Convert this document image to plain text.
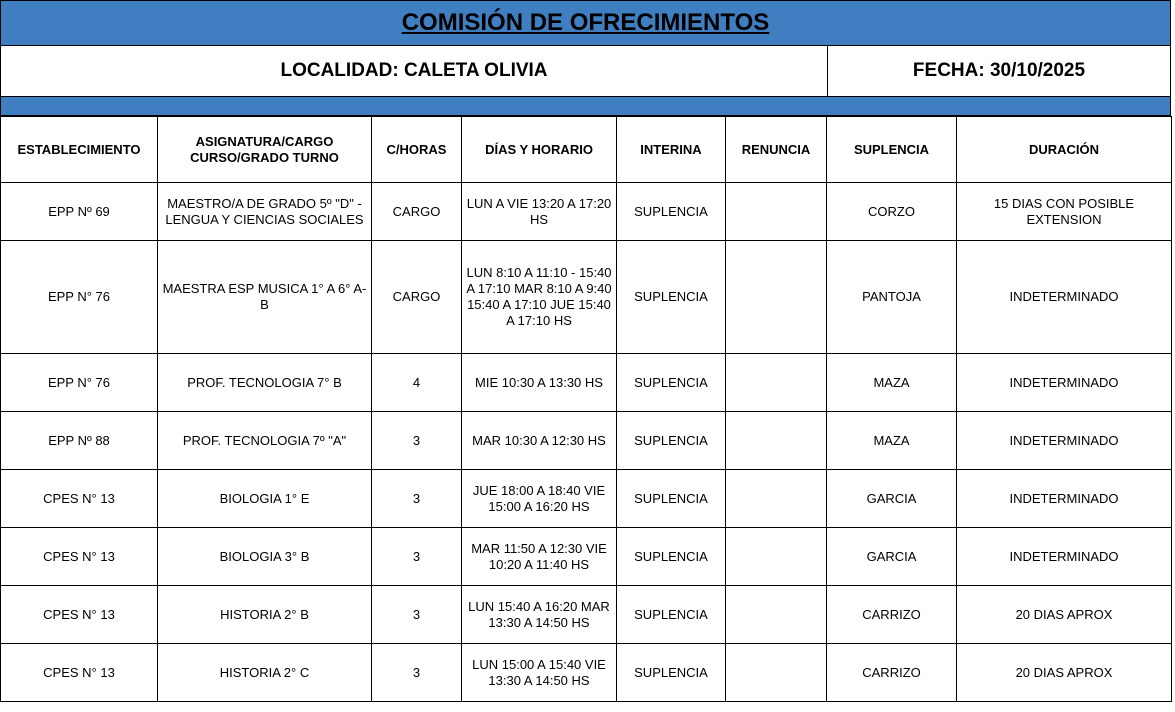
COMISIÓN DE OFRECIMIENTOS
LOCALIDAD: CALETA OLIVIA	FECHA: 30/10/2025
ESTABLECIMIENTO	ASIGNATURA/CARGO
CURSO/GRADO TURNO	C/HORAS	DÍAS Y HORARIO	INTERINA	RENUNCIA	SUPLENCIA	DURACIÓN
EPP Nº 69	MAESTRO/A DE GRADO 5º "D" - LENGUA Y CIENCIAS SOCIALES	CARGO	LUN A VIE 13:20 A 17:20 HS	SUPLENCIA		CORZO	15 DIAS CON POSIBLE EXTENSION
EPP N° 76	MAESTRA ESP MUSICA 1° A 6° A-B	CARGO	LUN 8:10 A 11:10 - 15:40 A 17:10 MAR 8:10 A 9:40 15:40 A 17:10 JUE 15:40 A 17:10 HS	SUPLENCIA		PANTOJA	INDETERMINADO
EPP N° 76	PROF. TECNOLOGIA 7° B	4	MIE 10:30 A 13:30 HS	SUPLENCIA		MAZA	INDETERMINADO
EPP Nº 88	PROF. TECNOLOGIA 7º "A"	3	MAR 10:30 A 12:30 HS	SUPLENCIA		MAZA	INDETERMINADO
CPES N° 13	BIOLOGIA 1° E	3	JUE 18:00 A 18:40 VIE 15:00 A 16:20 HS	SUPLENCIA		GARCIA	INDETERMINADO
CPES N° 13	BIOLOGIA 3° B	3	MAR 11:50 A 12:30 VIE 10:20 A 11:40 HS	SUPLENCIA		GARCIA	INDETERMINADO
CPES N° 13	HISTORIA 2° B	3	LUN 15:40 A 16:20 MAR 13:30 A 14:50 HS	SUPLENCIA		CARRIZO	20 DIAS APROX
CPES N° 13	HISTORIA 2° C	3	LUN 15:00 A 15:40 VIE 13:30 A 14:50 HS	SUPLENCIA		CARRIZO	20 DIAS APROX
